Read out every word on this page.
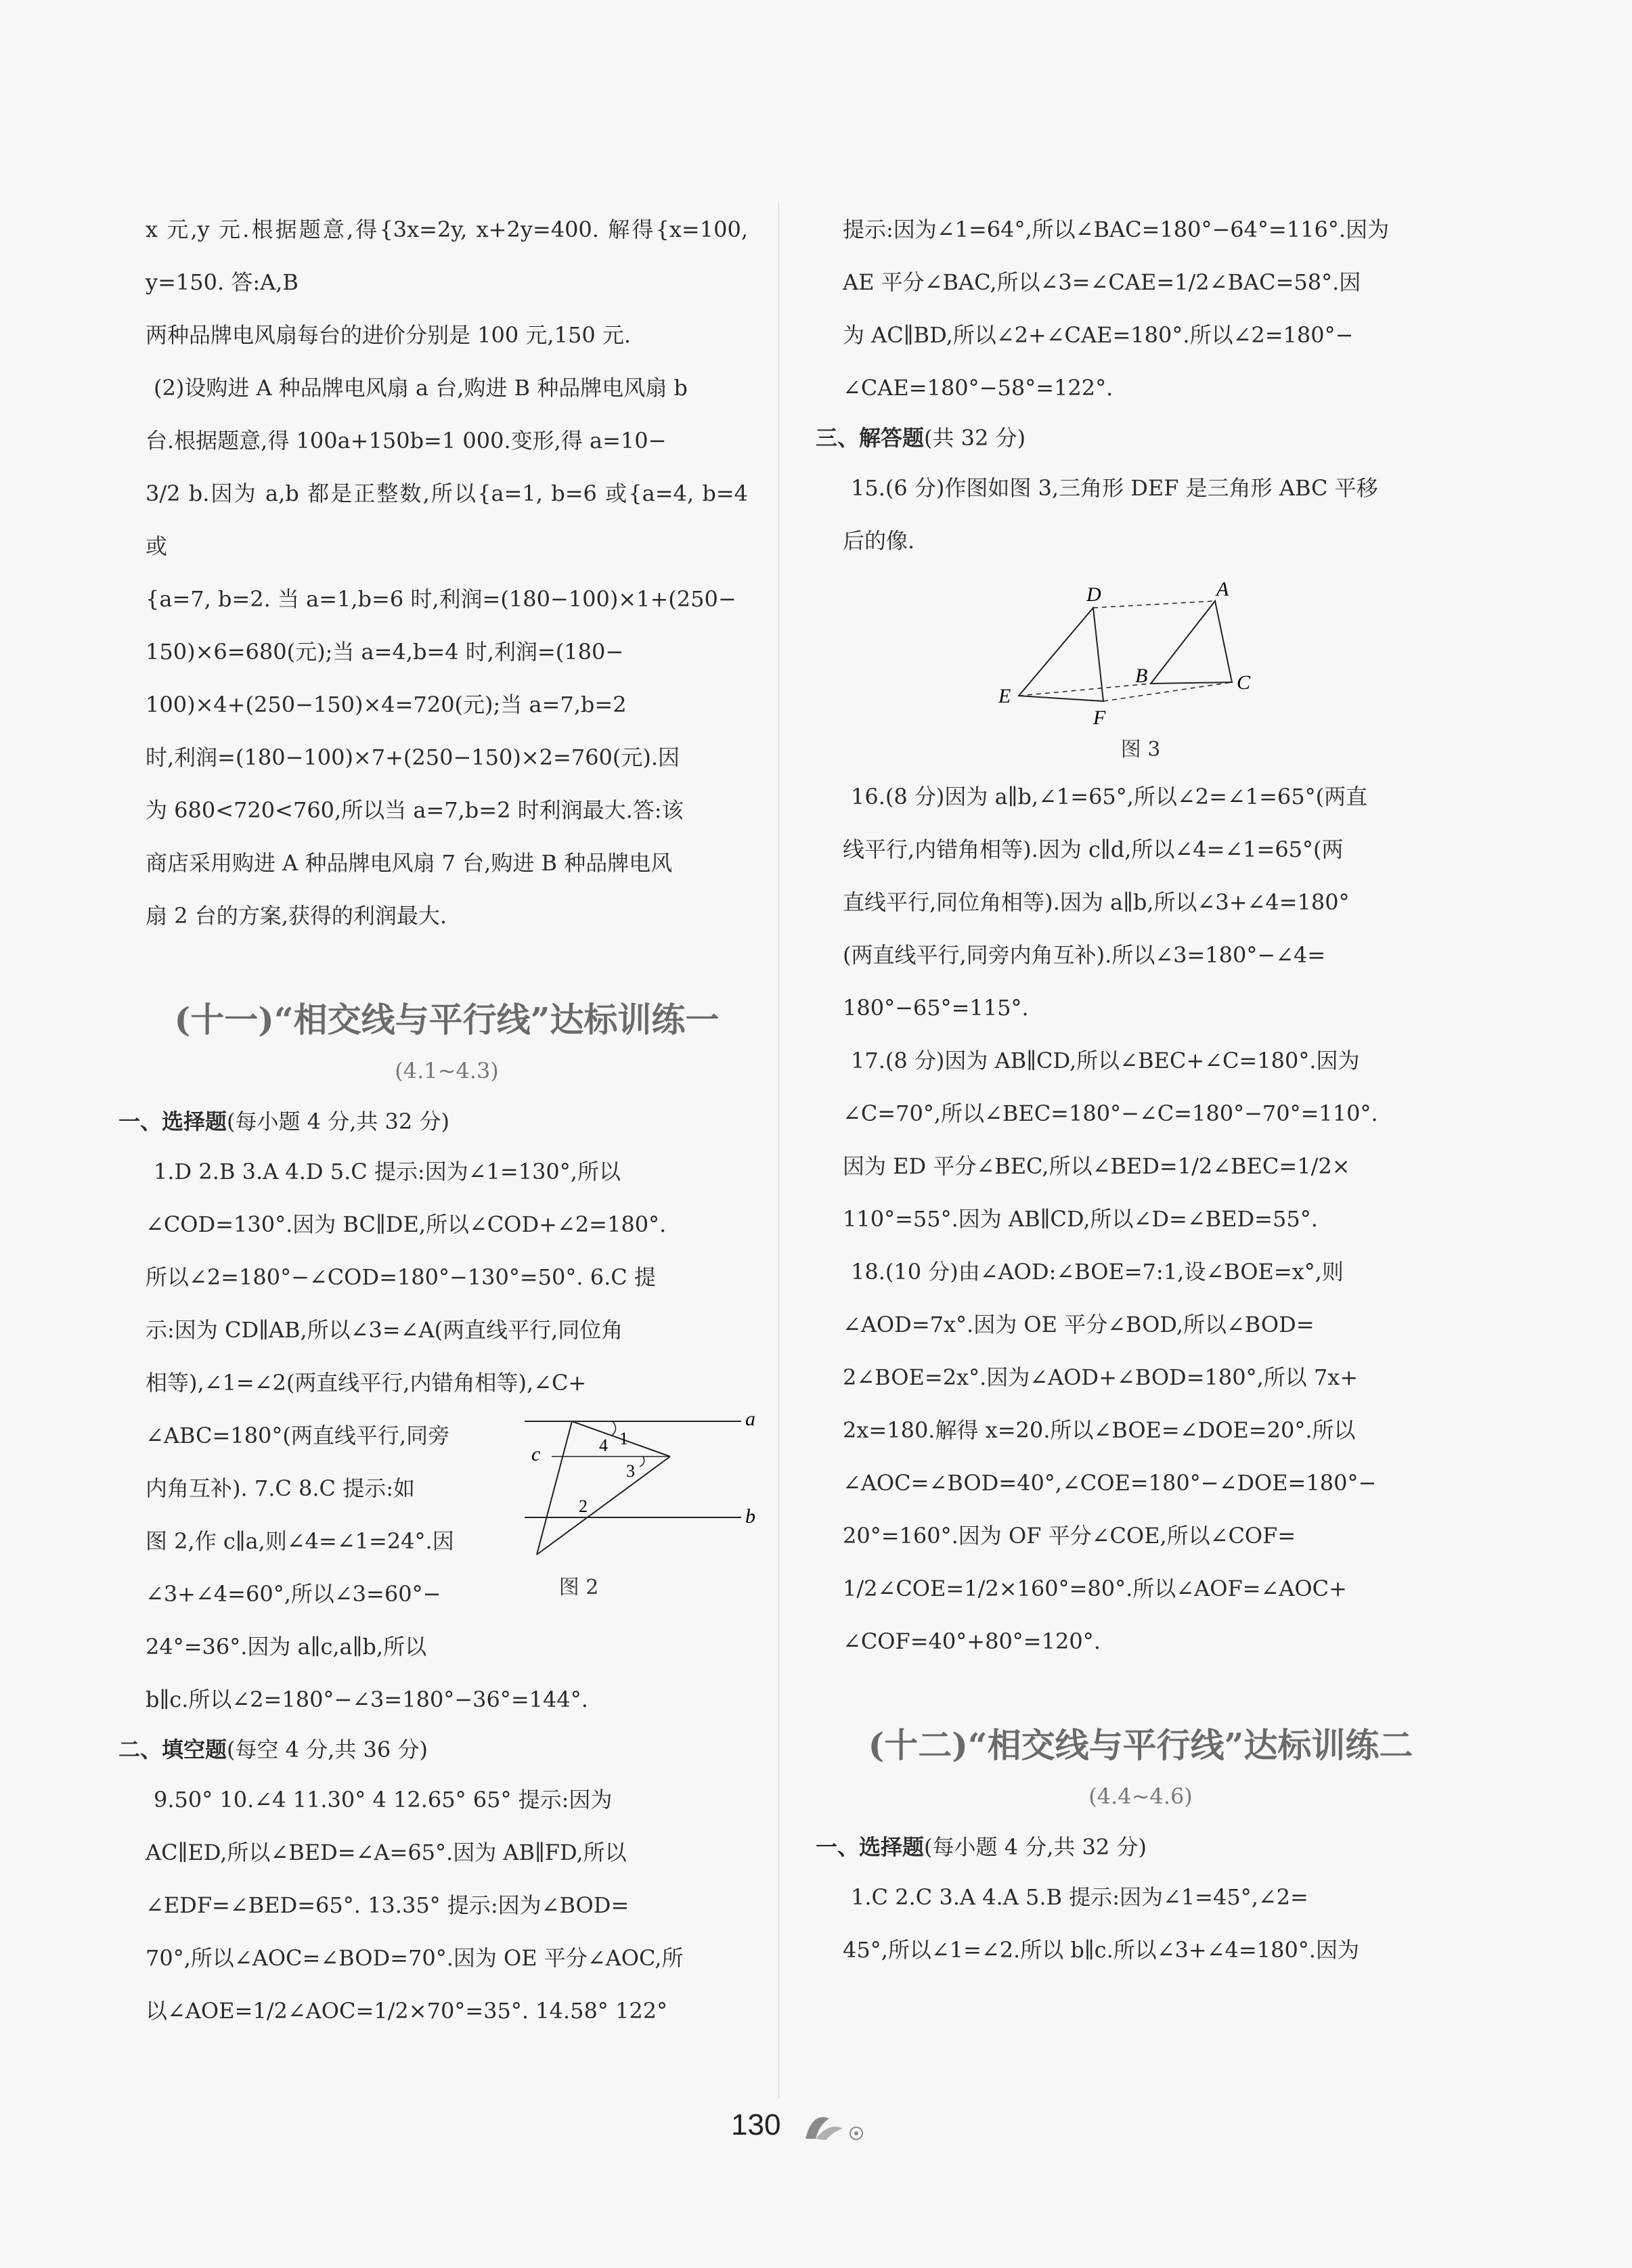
x 元,y 元.根据题意,得{3x=2y, x+2y=400. 解得{x=100, y=150. 答:A,B

两种品牌电风扇每台的进价分别是 100 元,150 元.

(2)设购进 A 种品牌电风扇 a 台,购进 B 种品牌电风扇 b

台.根据题意,得 100a+150b=1 000.变形,得 a=10−

3/2 b.因为 a,b 都是正整数,所以{a=1, b=6 或{a=4, b=4 或

{a=7, b=2. 当 a=1,b=6 时,利润=(180−100)×1+(250−

150)×6=680(元);当 a=4,b=4 时,利润=(180−

100)×4+(250−150)×4=720(元);当 a=7,b=2

时,利润=(180−100)×7+(250−150)×2=760(元).因

为 680<720<760,所以当 a=7,b=2 时利润最大.答:该

商店采用购进 A 种品牌电风扇 7 台,购进 B 种品牌电风

扇 2 台的方案,获得的利润最大.

(十一)“相交线与平行线”达标训练一
(4.1~4.3)
一、选择题(每小题 4 分,共 32 分)

1.D 2.B 3.A 4.D 5.C 提示:因为∠1=130°,所以

∠COD=130°.因为 BC∥DE,所以∠COD+∠2=180°.

所以∠2=180°−∠COD=180°−130°=50°. 6.C 提

示:因为 CD∥AB,所以∠3=∠A(两直线平行,同位角

相等),∠1=∠2(两直线平行,内错角相等),∠C+

∠ABC=180°(两直线平行,同旁

内角互补). 7.C 8.C 提示:如

图 2,作 c∥a,则∠4=∠1=24°.因

∠3+∠4=60°,所以∠3=60°−

24°=36°.因为 a∥c,a∥b,所以

b∥c.所以∠2=180°−∠3=180°−36°=144°.

a
b
c
1
4
3
2
图 2
二、填空题(每空 4 分,共 36 分)

9.50° 10.∠4 11.30° 4 12.65° 65° 提示:因为

AC∥ED,所以∠BED=∠A=65°.因为 AB∥FD,所以

∠EDF=∠BED=65°. 13.35° 提示:因为∠BOD=

70°,所以∠AOC=∠BOD=70°.因为 OE 平分∠AOC,所

以∠AOE=1/2∠AOC=1/2×70°=35°. 14.58° 122°

提示:因为∠1=64°,所以∠BAC=180°−64°=116°.因为

AE 平分∠BAC,所以∠3=∠CAE=1/2∠BAC=58°.因

为 AC∥BD,所以∠2+∠CAE=180°.所以∠2=180°−

∠CAE=180°−58°=122°.

三、解答题(共 32 分)

15.(6 分)作图如图 3,三角形 DEF 是三角形 ABC 平移

后的像.

D	A
B	C
E
F
图 3

16.(8 分)因为 a∥b,∠1=65°,所以∠2=∠1=65°(两直

线平行,内错角相等).因为 c∥d,所以∠4=∠1=65°(两

直线平行,同位角相等).因为 a∥b,所以∠3+∠4=180°

(两直线平行,同旁内角互补).所以∠3=180°−∠4=

180°−65°=115°.

17.(8 分)因为 AB∥CD,所以∠BEC+∠C=180°.因为

∠C=70°,所以∠BEC=180°−∠C=180°−70°=110°.

因为 ED 平分∠BEC,所以∠BED=1/2∠BEC=1/2×

110°=55°.因为 AB∥CD,所以∠D=∠BED=55°.

18.(10 分)由∠AOD:∠BOE=7:1,设∠BOE=x°,则

∠AOD=7x°.因为 OE 平分∠BOD,所以∠BOD=

2∠BOE=2x°.因为∠AOD+∠BOD=180°,所以 7x+

2x=180.解得 x=20.所以∠BOE=∠DOE=20°.所以

∠AOC=∠BOD=40°,∠COE=180°−∠DOE=180°−

20°=160°.因为 OF 平分∠COE,所以∠COF=

1/2∠COE=1/2×160°=80°.所以∠AOF=∠AOC+

∠COF=40°+80°=120°.

(十二)“相交线与平行线”达标训练二
(4.4~4.6)
一、选择题(每小题 4 分,共 32 分)

1.C 2.C 3.A 4.A 5.B 提示:因为∠1=45°,∠2=

45°,所以∠1=∠2.所以 b∥c.所以∠3+∠4=180°.因为

130
